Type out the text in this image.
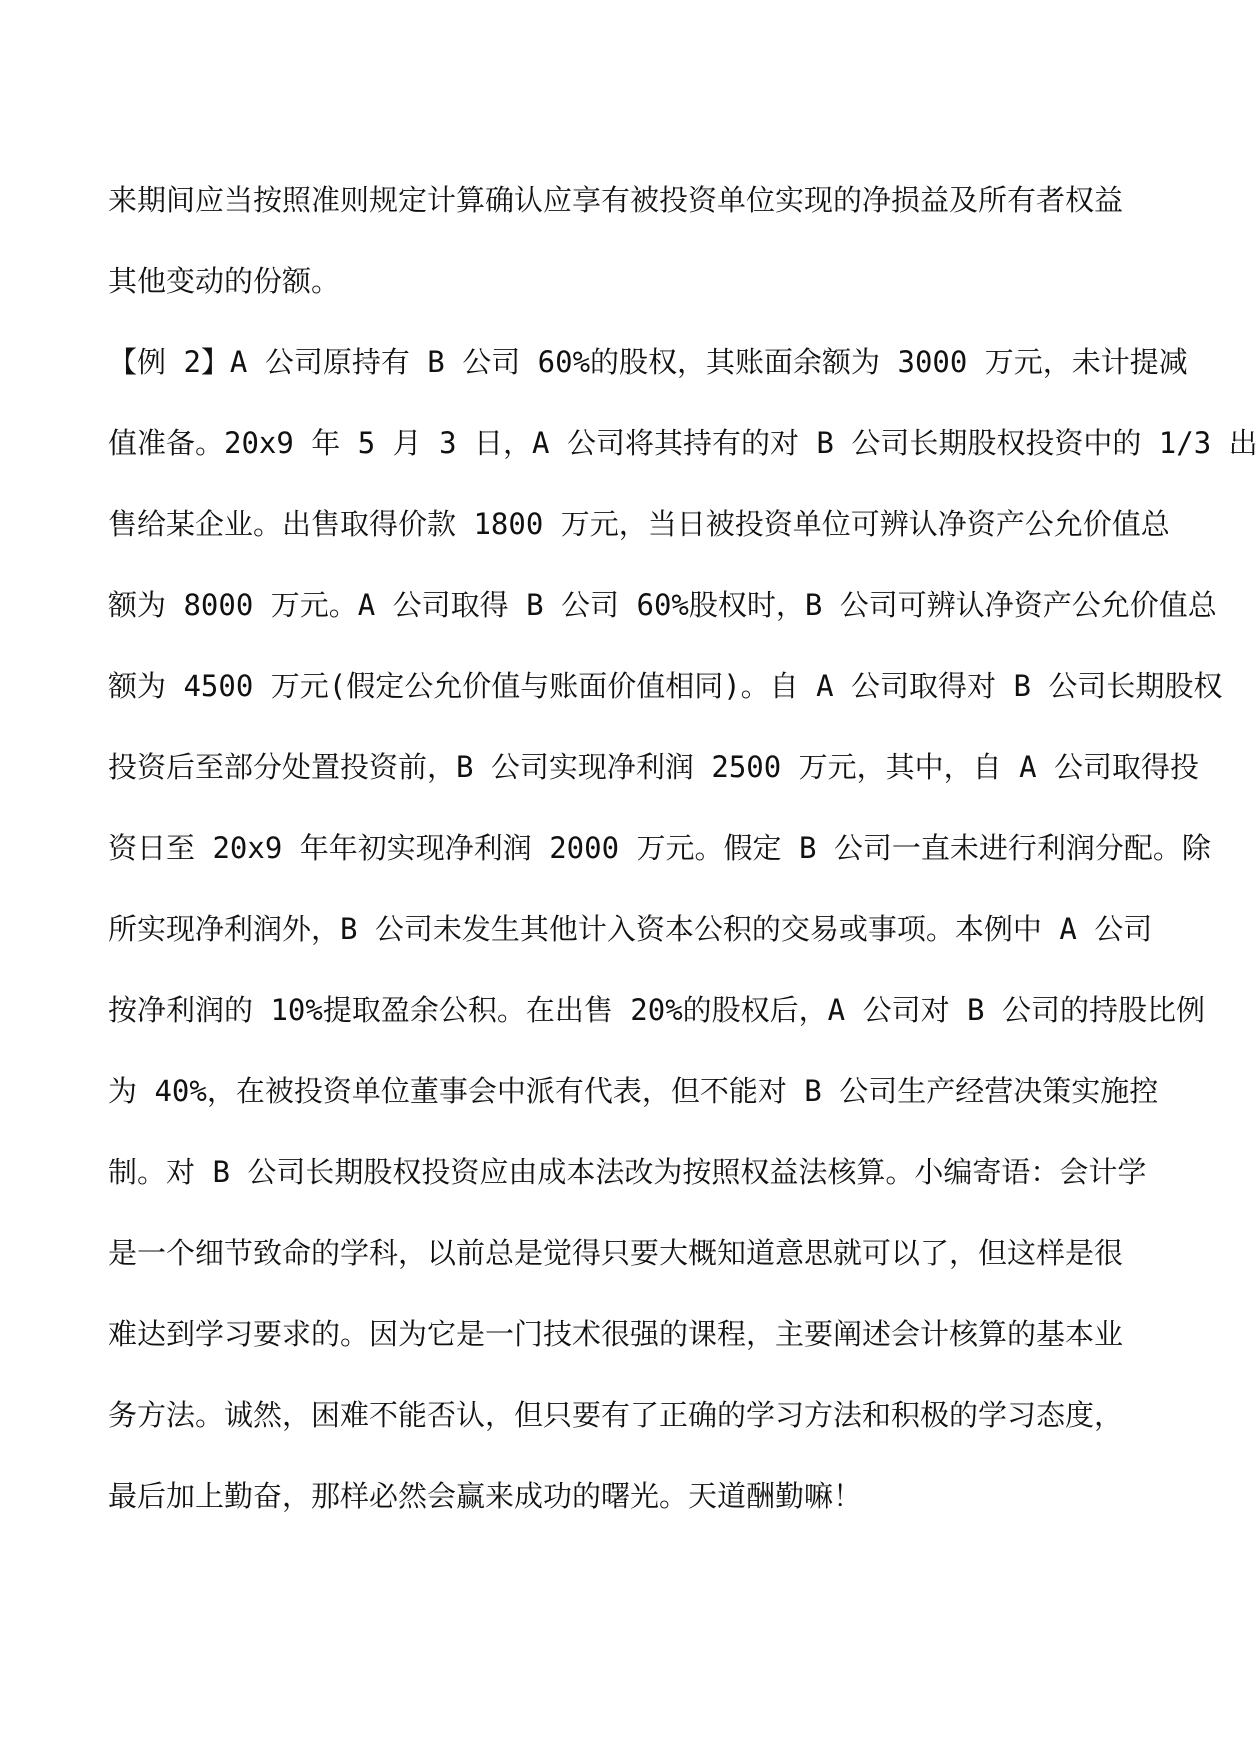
来期间应当按照准则规定计算确认应享有被投资单位实现的净损益及所有者权益
其他变动的份额。
【例 2】A 公司原持有 B 公司 60%的股权，其账面余额为 3000 万元，未计提减
值准备。20x9 年 5 月 3 日，A 公司将其持有的对 B 公司长期股权投资中的 1/3 出
售给某企业。出售取得价款 1800 万元，当日被投资单位可辨认净资产公允价值总
额为 8000 万元。A 公司取得 B 公司 60%股权时，B 公司可辨认净资产公允价值总
额为 4500 万元(假定公允价值与账面价值相同)。自 A 公司取得对 B 公司长期股权
投资后至部分处置投资前，B 公司实现净利润 2500 万元，其中，自 A 公司取得投
资日至 20x9 年年初实现净利润 2000 万元。假定 B 公司一直未进行利润分配。除
所实现净利润外，B 公司未发生其他计入资本公积的交易或事项。本例中 A 公司
按净利润的 10%提取盈余公积。在出售 20%的股权后，A 公司对 B 公司的持股比例
为 40%，在被投资单位董事会中派有代表，但不能对 B 公司生产经营决策实施控
制。对 B 公司长期股权投资应由成本法改为按照权益法核算。小编寄语：会计学
是一个细节致命的学科，以前总是觉得只要大概知道意思就可以了，但这样是很
难达到学习要求的。因为它是一门技术很强的课程，主要阐述会计核算的基本业
务方法。诚然，困难不能否认，但只要有了正确的学习方法和积极的学习态度，
最后加上勤奋，那样必然会赢来成功的曙光。天道酬勤嘛！
